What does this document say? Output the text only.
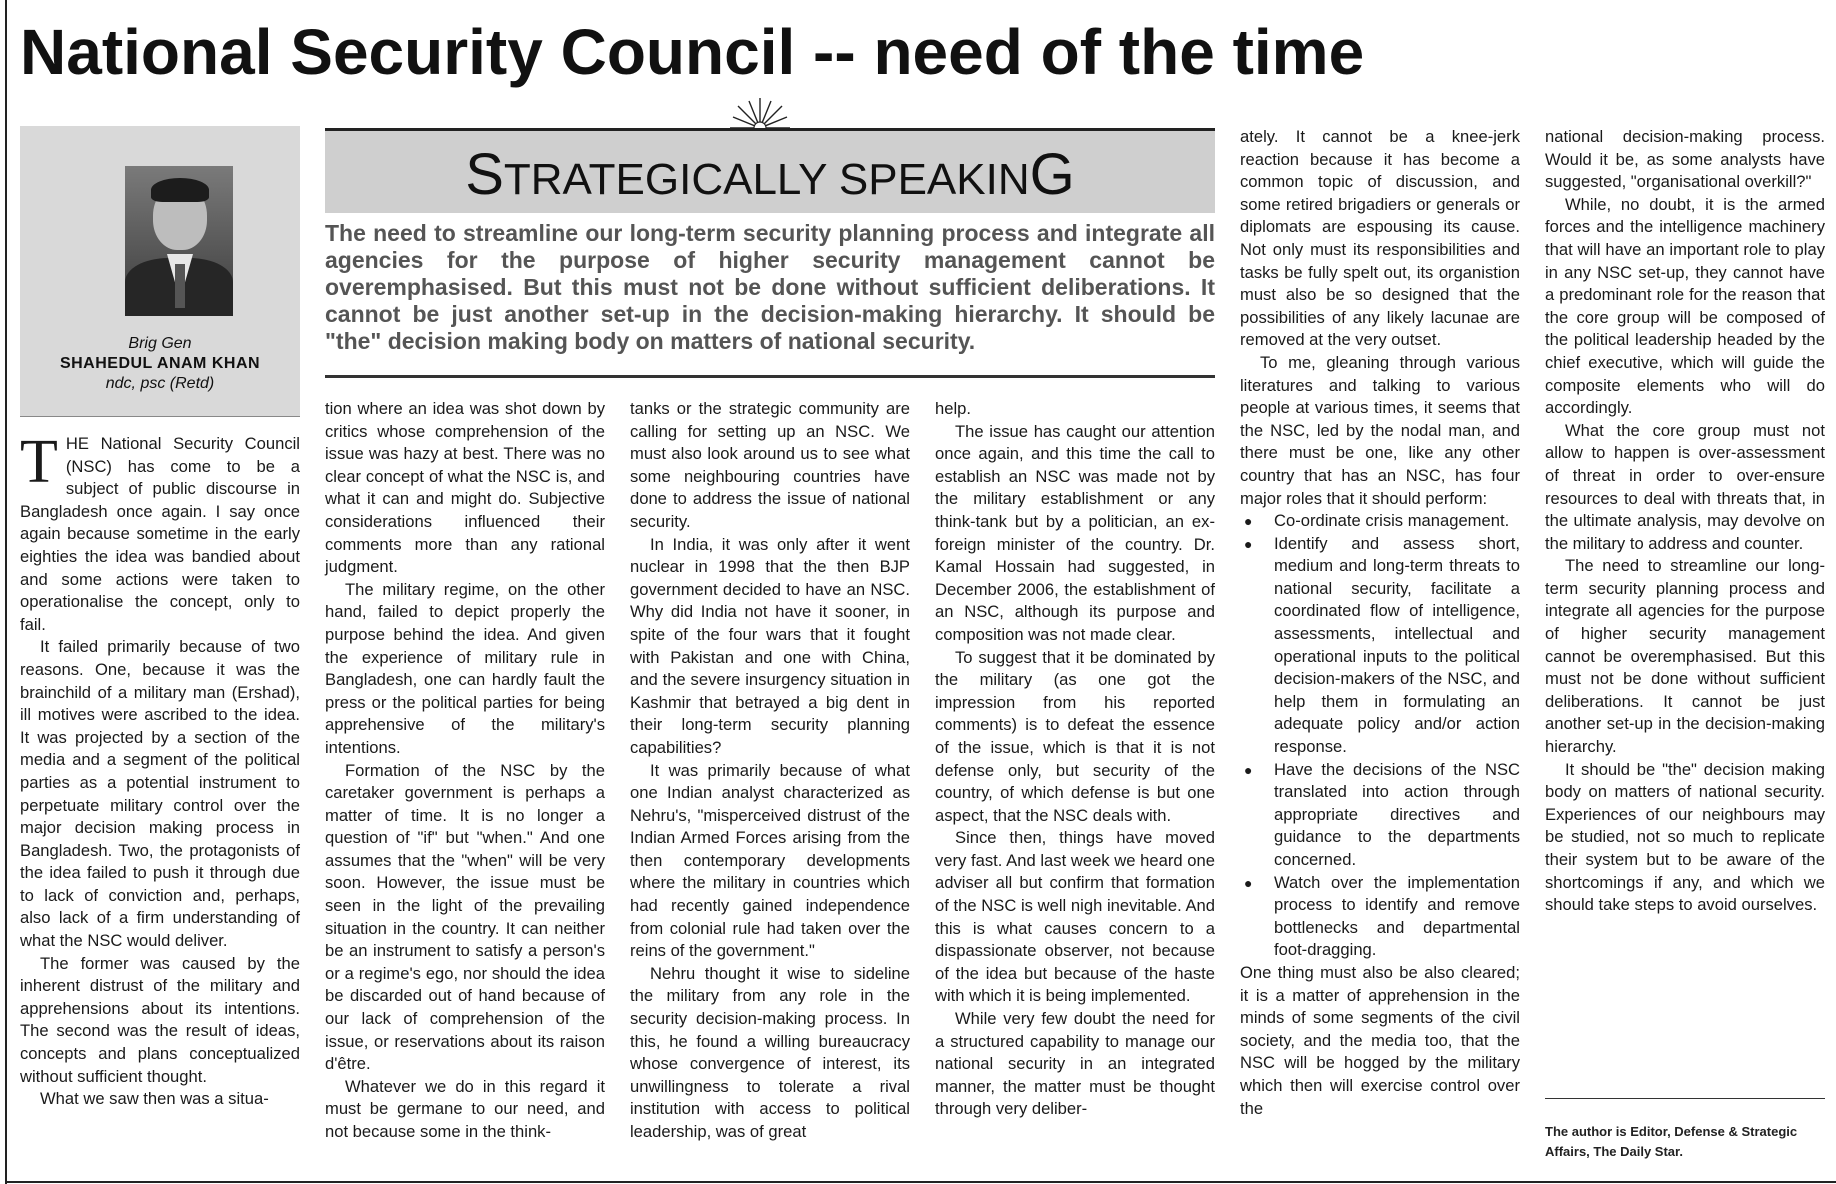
National Security Council -- need of the time
Brig Gen
SHAHEDUL ANAM KHAN
ndc, psc (Retd)
STRATEGICALLY SPEAKING

The need to streamline our long-term security planning process and integrate all agencies for the purpose of higher security management cannot be overemphasised. But this must not be done without sufficient deliberations. It cannot be just another set-up in the decision-making hierarchy. It should be "the" decision making body on matters of national security.

THE National Security Council (NSC) has come to be a subject of public discourse in Bangladesh once again. I say once again because sometime in the early eighties the idea was bandied about and some actions were taken to operationalise the concept, only to fail.

It failed primarily because of two reasons. One, because it was the brainchild of a military man (Ershad), ill motives were ascribed to the idea. It was projected by a section of the media and a segment of the political parties as a potential instrument to perpetuate military control over the major decision making process in Bangladesh. Two, the protagonists of the idea failed to push it through due to lack of conviction and, perhaps, also lack of a firm understanding of what the NSC would deliver.

The former was caused by the inherent distrust of the military and apprehensions about its intentions. The second was the result of ideas, concepts and plans conceptualized without sufficient thought.

What we saw then was a situa-

tion where an idea was shot down by critics whose comprehension of the issue was hazy at best. There was no clear concept of what the NSC is, and what it can and might do. Subjective considerations influenced their comments more than any rational judgment.

The military regime, on the other hand, failed to depict properly the purpose behind the idea. And given the experience of military rule in Bangladesh, one can hardly fault the press or the political parties for being apprehensive of the military's intentions.

Formation of the NSC by the caretaker government is perhaps a matter of time. It is no longer a question of "if" but "when." And one assumes that the "when" will be very soon. However, the issue must be seen in the light of the prevailing situation in the country. It can neither be an instrument to satisfy a person's or a regime's ego, nor should the idea be discarded out of hand because of our lack of comprehension of the issue, or reservations about its raison d'être.

Whatever we do in this regard it must be germane to our need, and not because some in the think-

tanks or the strategic community are calling for setting up an NSC. We must also look around us to see what some neighbouring countries have done to address the issue of national security.

In India, it was only after it went nuclear in 1998 that the then BJP government decided to have an NSC. Why did India not have it sooner, in spite of the four wars that it fought with Pakistan and one with China, and the severe insurgency situation in Kashmir that betrayed a big dent in their long-term security planning capabilities?

It was primarily because of what one Indian analyst characterized as Nehru's, "misperceived distrust of the Indian Armed Forces arising from the then contemporary developments where the military in countries which had recently gained independence from colonial rule had taken over the reins of the government."

Nehru thought it wise to sideline the military from any role in the security decision-making process. In this, he found a willing bureaucracy whose convergence of interest, its unwillingness to tolerate a rival institution with access to political leadership, was of great

help.

The issue has caught our attention once again, and this time the call to establish an NSC was made not by the military establishment or any think-tank but by a politician, an ex-foreign minister of the country. Dr. Kamal Hossain had suggested, in December 2006, the establishment of an NSC, although its purpose and composition was not made clear.

To suggest that it be dominated by the military (as one got the impression from his reported comments) is to defeat the essence of the issue, which is that it is not defense only, but security of the country, of which defense is but one aspect, that the NSC deals with.

Since then, things have moved very fast. And last week we heard one adviser all but confirm that formation of the NSC is well nigh inevitable. And this is what causes concern to a dispassionate observer, not because of the idea but because of the haste with which it is being implemented.

While very few doubt the need for a structured capability to manage our national security in an integrated manner, the matter must be thought through very deliber-

ately. It cannot be a knee-jerk reaction because it has become a common topic of discussion, and some retired brigadiers or generals or diplomats are espousing its cause. Not only must its responsibilities and tasks be fully spelt out, its organistion must also be so designed that the possibilities of any likely lacunae are removed at the very outset.

To me, gleaning through various literatures and talking to various people at various times, it seems that the NSC, led by the nodal man, and there must be one, like any other country that has an NSC, has four major roles that it should perform:

● Co-ordinate crisis management.
● Identify and assess short, medium and long-term threats to national security, facilitate a coordinated flow of intelligence, assessments, intellectual and operational inputs to the political decision-makers of the NSC, and help them in formulating an adequate policy and/or action response.
● Have the decisions of the NSC translated into action through appropriate directives and guidance to the departments concerned.
● Watch over the implementation process to identify and remove bottlenecks and departmental foot-dragging.

One thing must also be also cleared; it is a matter of apprehension in the minds of some segments of the civil society, and the media too, that the NSC will be hogged by the military which then will exercise control over the

national decision-making process. Would it be, as some analysts have suggested, "organisational overkill?"

While, no doubt, it is the armed forces and the intelligence machinery that will have an important role to play in any NSC set-up, they cannot have a predominant role for the reason that the core group will be composed of the political leadership headed by the chief executive, which will guide the composite elements who will do accordingly.

What the core group must not allow to happen is over-assessment of threat in order to over-ensure resources to deal with threats that, in the ultimate analysis, may devolve on the military to address and counter.

The need to streamline our long-term security planning process and integrate all agencies for the purpose of higher security management cannot be overemphasised. But this must not be done without sufficient deliberations. It cannot be just another set-up in the decision-making hierarchy.

It should be "the" decision making body on matters of national security. Experiences of our neighbours may be studied, not so much to replicate their system but to be aware of the shortcomings if any, and which we should take steps to avoid ourselves.

The author is Editor, Defense & Strategic Affairs, The Daily Star.
